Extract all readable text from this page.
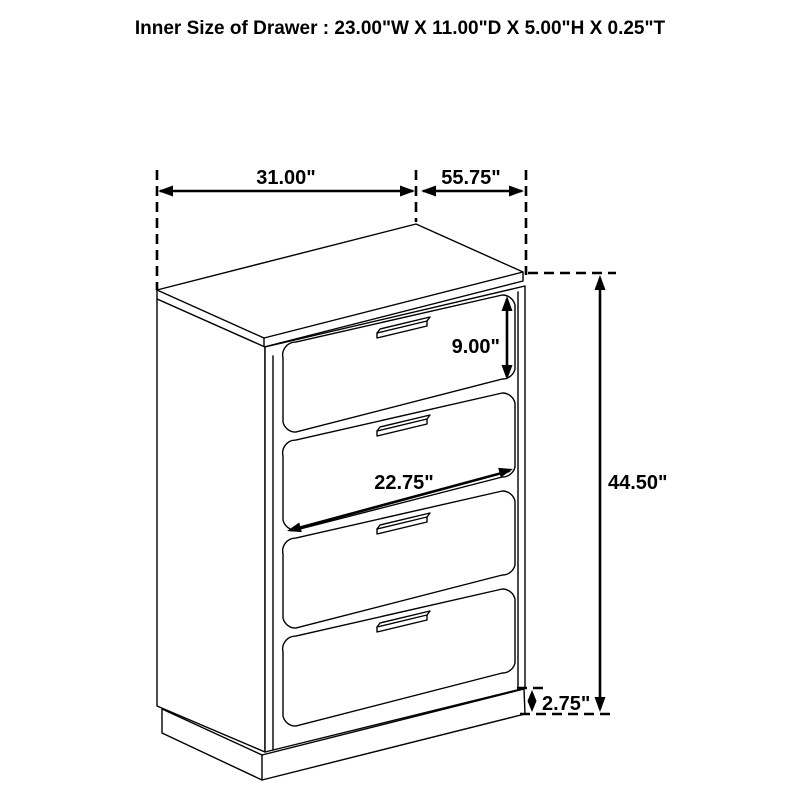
Inner Size of Drawer : 23.00"W X 11.00"D X 5.00"H X 0.25"T
31.00"	55.75"
9.00"
22.75"	44.50"
2.75"
